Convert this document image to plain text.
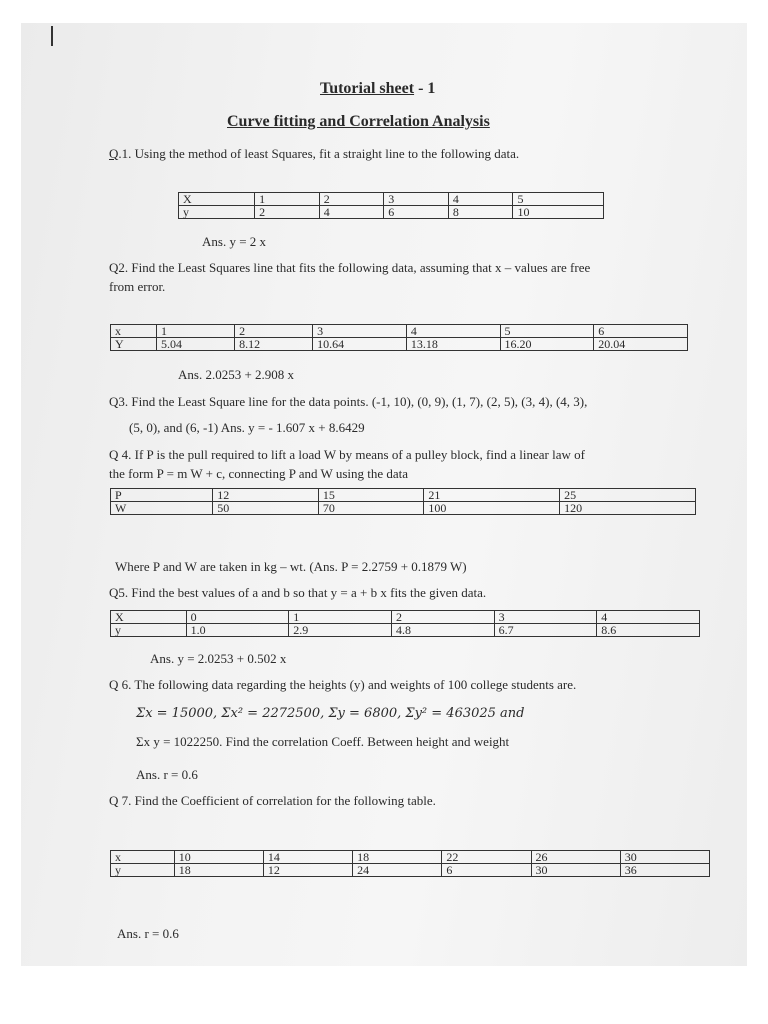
Tutorial sheet - 1
Curve fitting and Correlation Analysis
Q.1. Using the method of least Squares, fit a straight line to the following data.
X	1	2	3	4	5
y	2	4	6	8	10
Ans. y = 2 x
Q2. Find the Least Squares line that fits the following data, assuming that x – values are free
from error.
x	1	2	3	4	5	6
Y	5.04	8.12	10.64	13.18	16.20	20.04
Ans. 2.0253 + 2.908 x
Q3. Find the Least Square line for the data points. (-1, 10), (0, 9), (1, 7), (2, 5), (3, 4), (4, 3),
(5, 0), and (6, -1) Ans. y = - 1.607 x + 8.6429
Q 4. If P is the pull required to lift a load W by means of a pulley block, find a linear law of
the form P = m W + c, connecting P and W using the data
P	12	15	21	25
W	50	70	100	120
Where P and W are taken in kg – wt. (Ans. P = 2.2759 + 0.1879 W)
Q5. Find the best values of a and b so that y = a + b x fits the given data.
X	0	1	2	3	4
y	1.0	2.9	4.8	6.7	8.6
Ans. y = 2.0253 + 0.502 x
Q 6. The following data regarding the heights (y) and weights of 100 college students are.
Σx = 15000, Σx² = 2272500, Σy = 6800, Σy² = 463025 and
Σx y = 1022250. Find the correlation Coeff. Between height and weight
Ans. r = 0.6
Q 7. Find the Coefficient of correlation for the following table.
x	10	14	18	22	26	30
y	18	12	24	6	30	36
Ans. r = 0.6
